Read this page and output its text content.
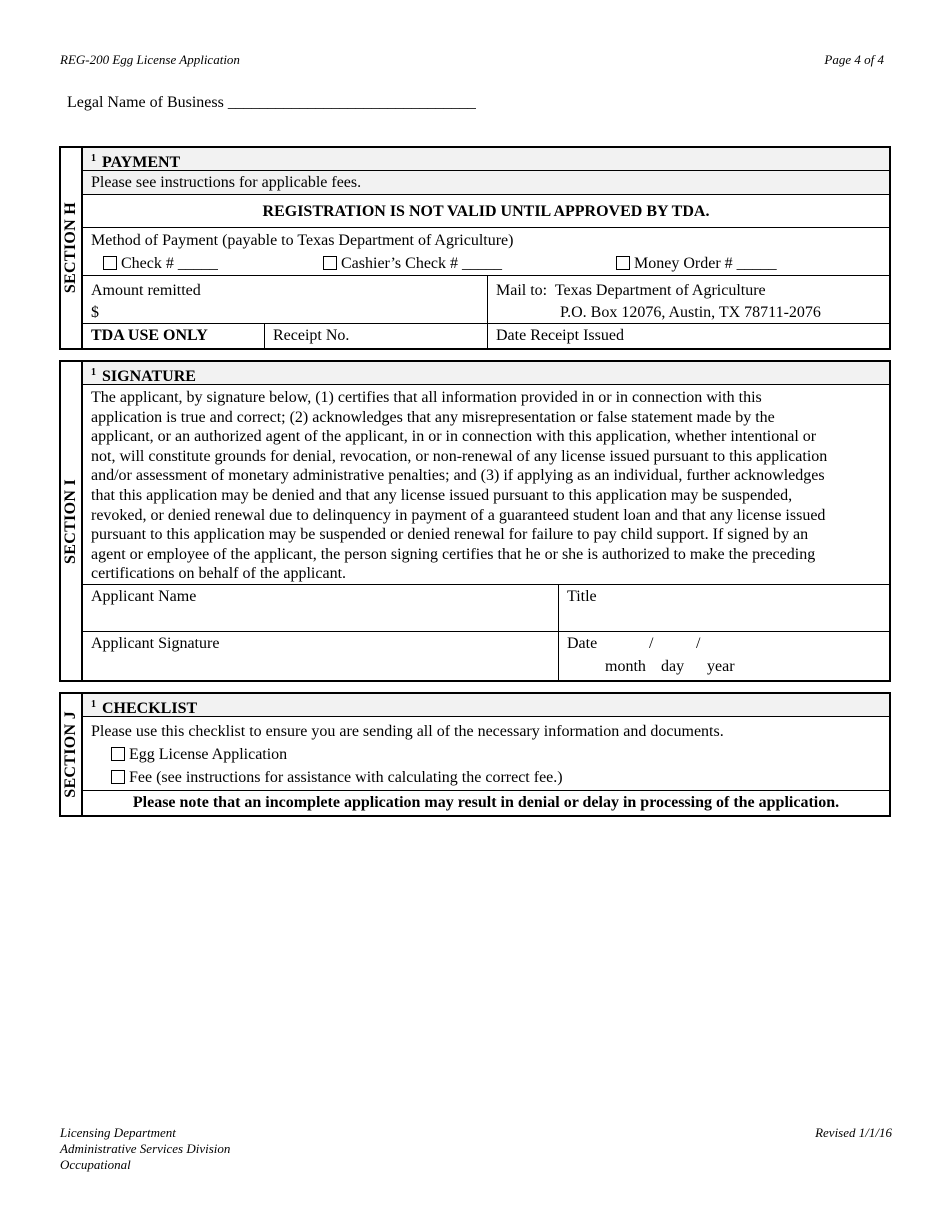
REG-200 Egg License Application	Page 4 of 4
Legal Name of Business _______________________________
SECTION H
$^1$ PAYMENT
Please see instructions for applicable fees.
REGISTRATION IS NOT VALID UNTIL APPROVED BY TDA.
Method of Payment (payable to Texas Department of Agriculture)
Check # _____	Cashier’s Check # _____	Money Order # _____
Amount remitted
$
Mail to: Texas Department of Agriculture
P.O. Box 12076, Austin, TX 78711-2076
TDA USE ONLY	Receipt No.	Date Receipt Issued
SECTION I
$^1$ SIGNATURE
The applicant, by signature below, (1) certifies that all information provided in or in connection with this
application is true and correct; (2) acknowledges that any misrepresentation or false statement made by the
applicant, or an authorized agent of the applicant, in or in connection with this application, whether intentional or
not, will constitute grounds for denial, revocation, or non-renewal of any license issued pursuant to this application
and/or assessment of monetary administrative penalties; and (3) if applying as an individual, further acknowledges
that this application may be denied and that any license issued pursuant to this application may be suspended,
revoked, or denied renewal due to delinquency in payment of a guaranteed student loan and that any license issued
pursuant to this application may be suspended or denied renewal for failure to pay child support. If signed by an
agent or employee of the applicant, the person signing certifies that he or she is authorized to make the preceding
certifications on behalf of the applicant.
Applicant Name	Title
Applicant Signature	Date	/	/
month day year
SECTION J
$^1$ CHECKLIST
Please use this checklist to ensure you are sending all of the necessary information and documents.
Egg License Application
Fee (see instructions for assistance with calculating the correct fee.)
Please note that an incomplete application may result in denial or delay in processing of the application.
Licensing Department
Administrative Services Division
Occupational
Revised 1/1/16
